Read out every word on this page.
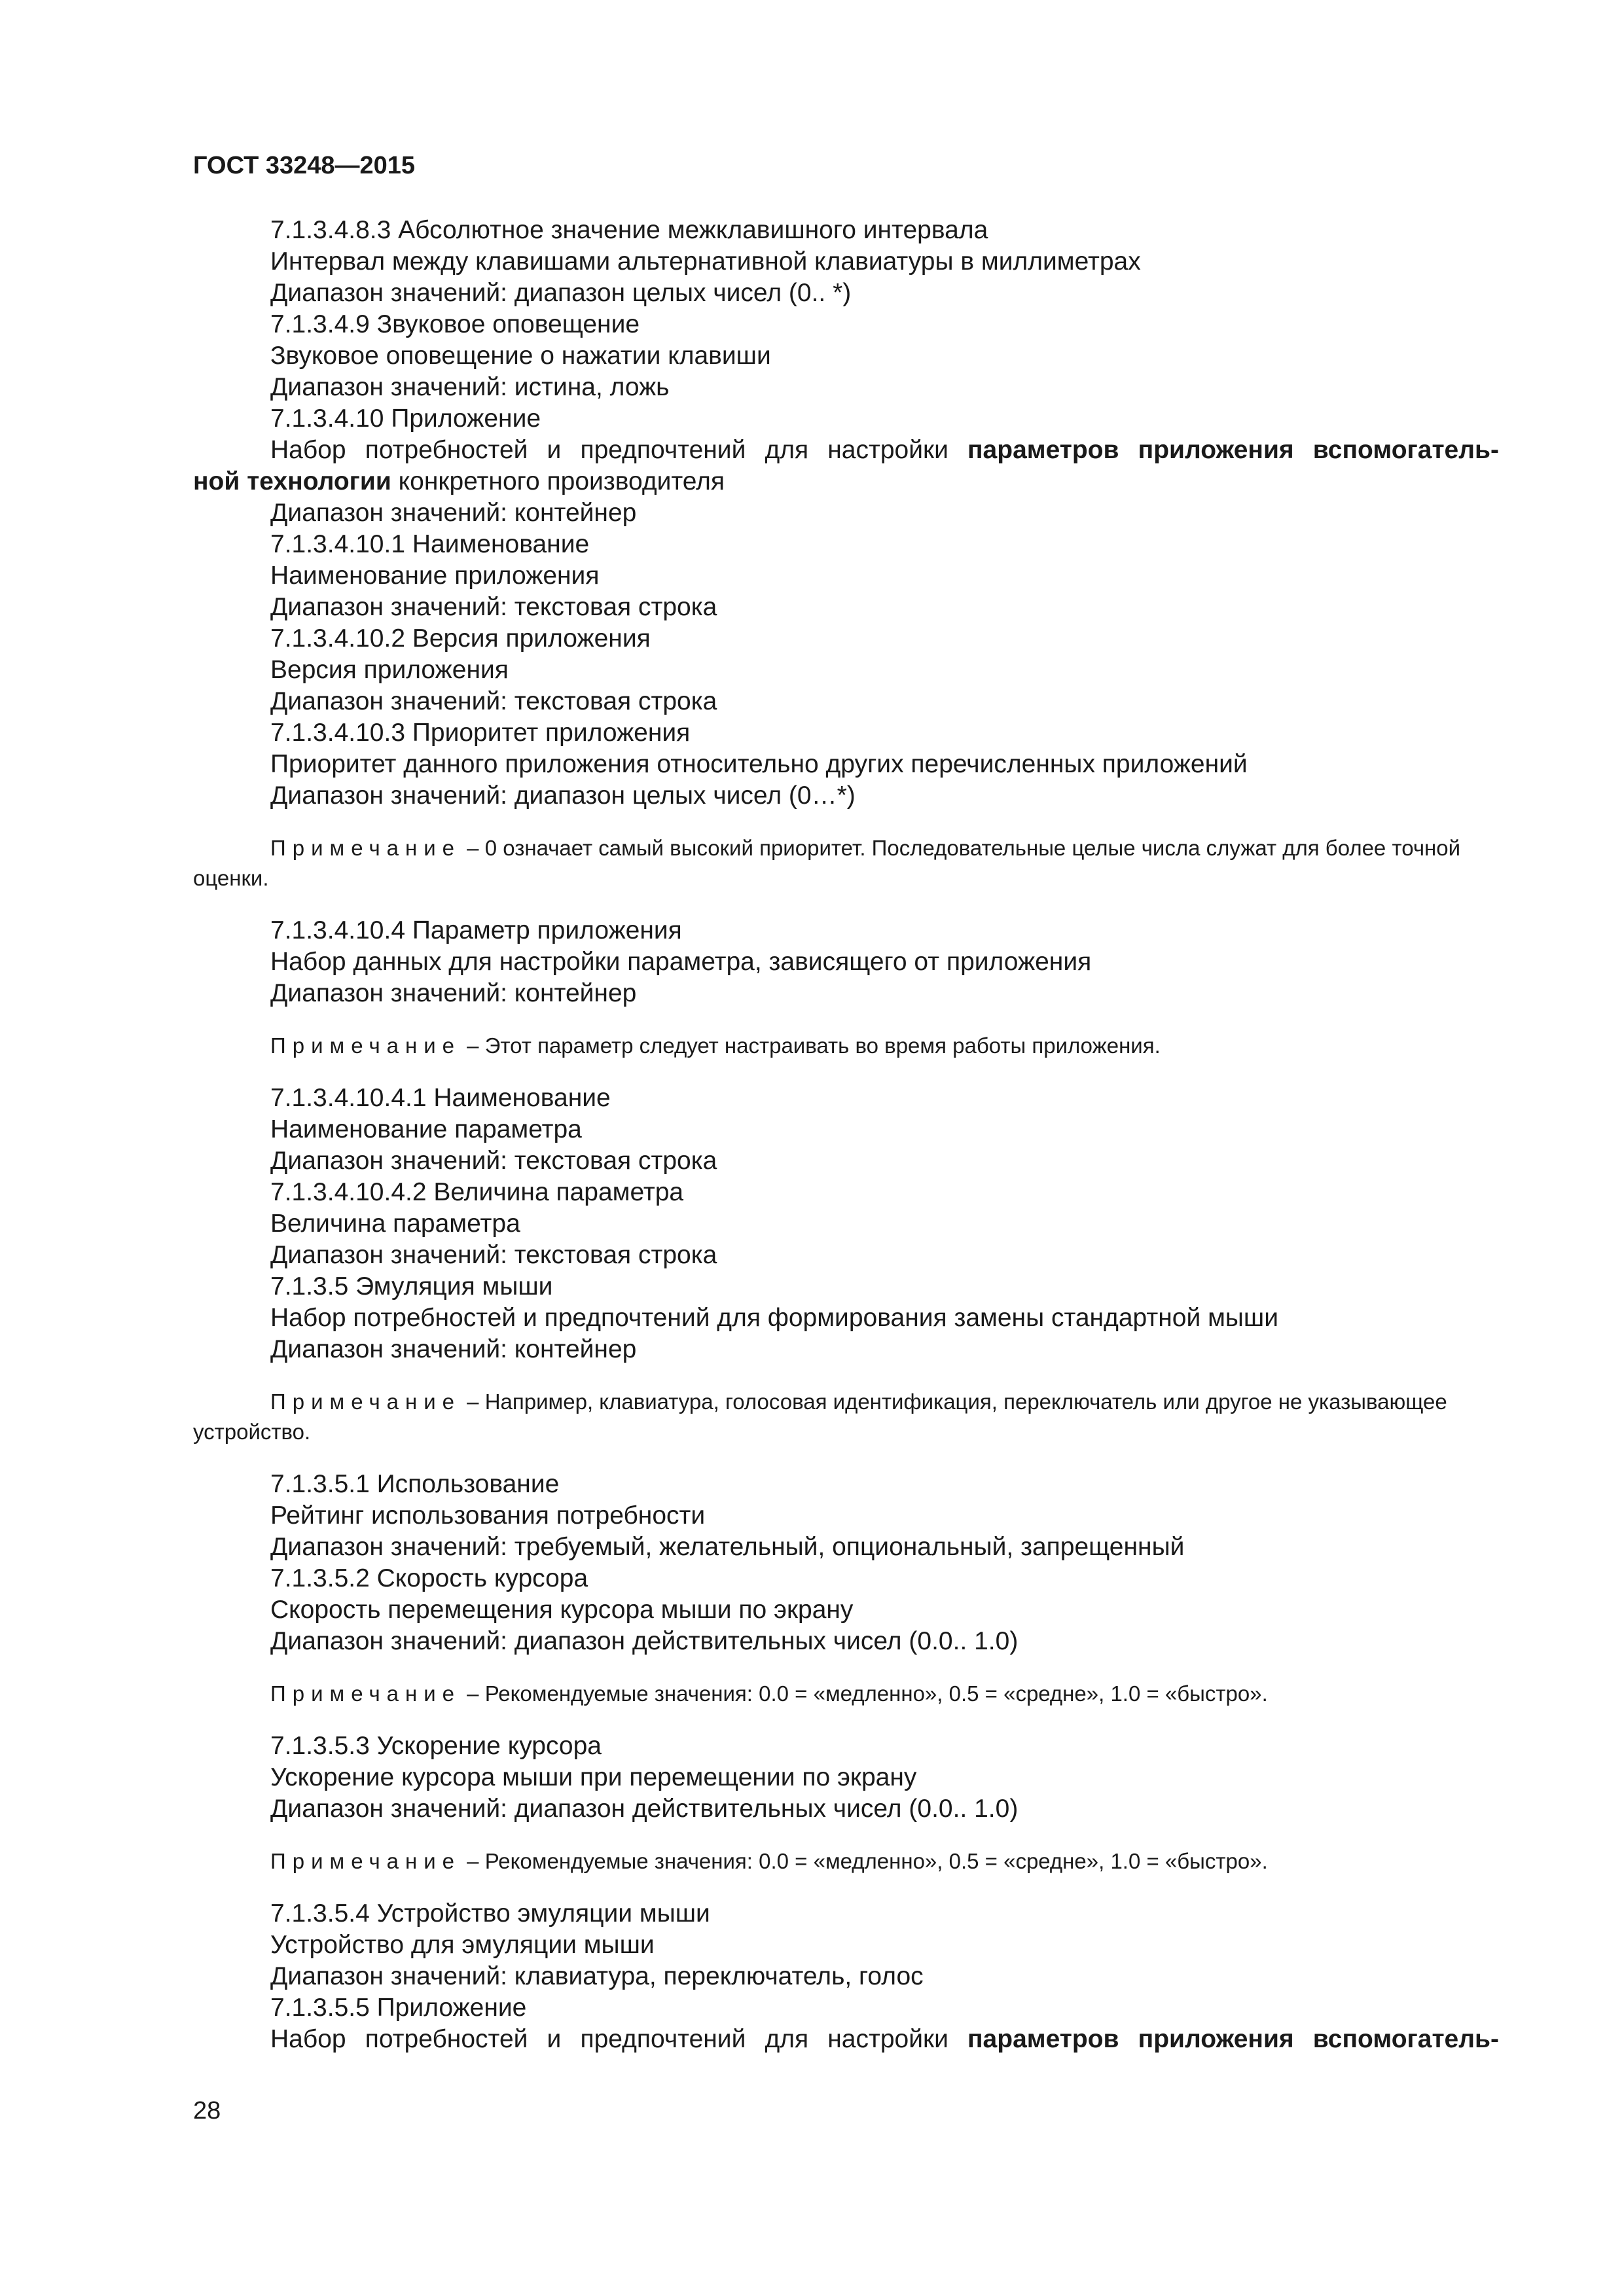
ГОСТ 33248—2015
7.1.3.4.8.3 Абсолютное значение межклавишного интервала
Интервал между клавишами альтернативной клавиатуры в миллиметрах
Диапазон значений: диапазон целых чисел (0.. *)
7.1.3.4.9 Звуковое оповещение
Звуковое оповещение о нажатии клавиши
Диапазон значений: истина, ложь
7.1.3.4.10 Приложение
Набор потребностей и предпочтений для настройки параметров приложения вспомогатель-
ной технологии конкретного производителя
Диапазон значений: контейнер
7.1.3.4.10.1 Наименование
Наименование приложения
Диапазон значений: текстовая строка
7.1.3.4.10.2 Версия приложения
Версия приложения
Диапазон значений: текстовая строка
7.1.3.4.10.3 Приоритет приложения
Приоритет данного приложения относительно других перечисленных приложений
Диапазон значений: диапазон целых чисел (0…*)
Примечание – 0 означает самый высокий приоритет. Последовательные целые числа служат для более точной оценки.
7.1.3.4.10.4 Параметр приложения
Набор данных для настройки параметра, зависящего от приложения
Диапазон значений: контейнер
Примечание – Этот параметр следует настраивать во время работы приложения.
7.1.3.4.10.4.1 Наименование
Наименование параметра
Диапазон значений: текстовая строка
7.1.3.4.10.4.2 Величина параметра
Величина параметра
Диапазон значений: текстовая строка
7.1.3.5 Эмуляция мыши
Набор потребностей и предпочтений для формирования замены стандартной мыши
Диапазон значений: контейнер
Примечание – Например, клавиатура, голосовая идентификация, переключатель или другое не указывающее устройство.
7.1.3.5.1 Использование
Рейтинг использования потребности
Диапазон значений: требуемый, желательный, опциональный, запрещенный
7.1.3.5.2 Скорость курсора
Скорость перемещения курсора мыши по экрану
Диапазон значений: диапазон действительных чисел (0.0.. 1.0)
Примечание – Рекомендуемые значения: 0.0 = «медленно», 0.5 = «средне», 1.0 = «быстро».
7.1.3.5.3 Ускорение курсора
Ускорение курсора мыши при перемещении по экрану
Диапазон значений: диапазон действительных чисел (0.0.. 1.0)
Примечание – Рекомендуемые значения: 0.0 = «медленно», 0.5 = «средне», 1.0 = «быстро».
7.1.3.5.4 Устройство эмуляции мыши
Устройство для эмуляции мыши
Диапазон значений: клавиатура, переключатель, голос
7.1.3.5.5 Приложение
Набор потребностей и предпочтений для настройки параметров приложения вспомогатель-
28
